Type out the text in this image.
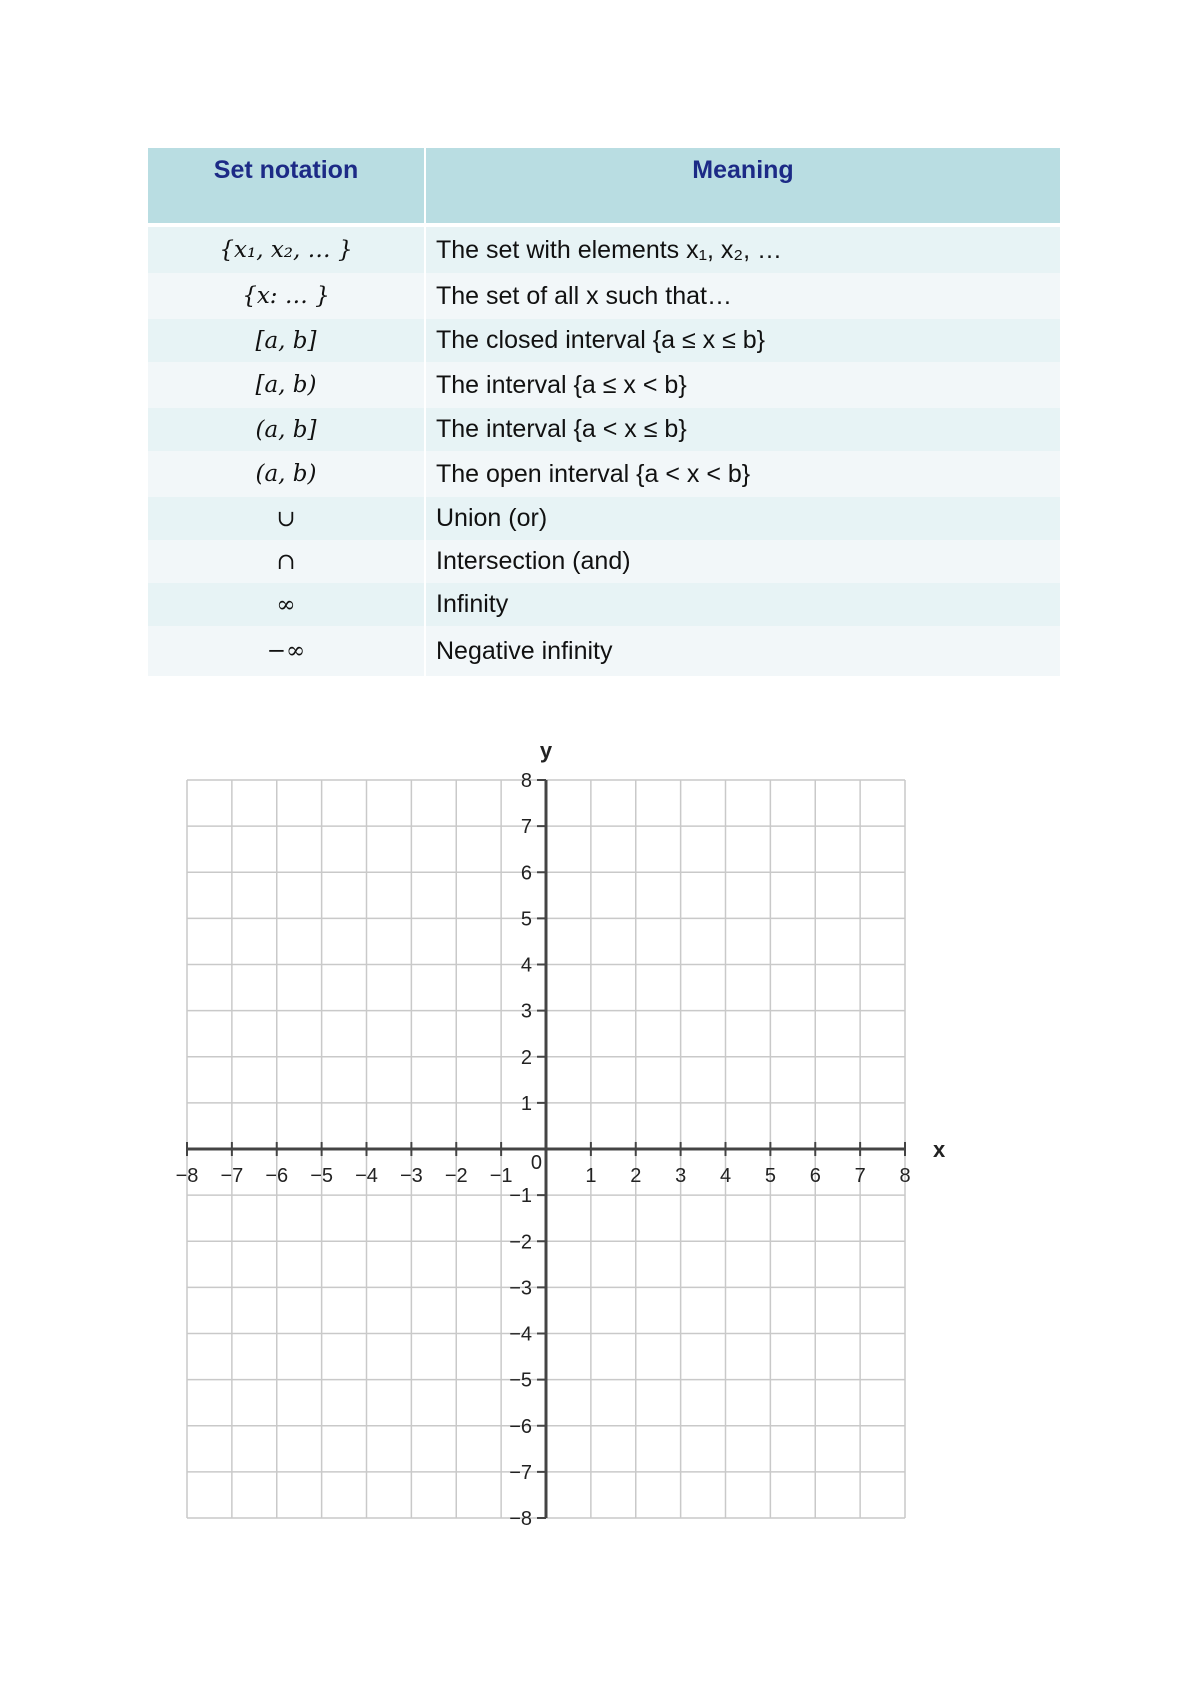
Set notation	Meaning

{x₁, x₂, … }	The set with elements x₁, x₂, …
{x: … }	The set of all x such that…
[a, b]	The closed interval {a ≤ x ≤ b}
[a, b)	The interval {a ≤ x < b}
(a, b]	The interval {a < x ≤ b}
(a, b)	The open interval {a < x < b}
∪	Union (or)
∩	Intersection (and)
∞	Infinity
−∞	Negative infinity
−8 −7 −6 −5 −4 −3 −2 −1	1 2 3 4 5 6 7 8
8
7
6
5
4
3
2
1
−1
−2
−3
−4
−5
−6
−7
−8
0
x
y
